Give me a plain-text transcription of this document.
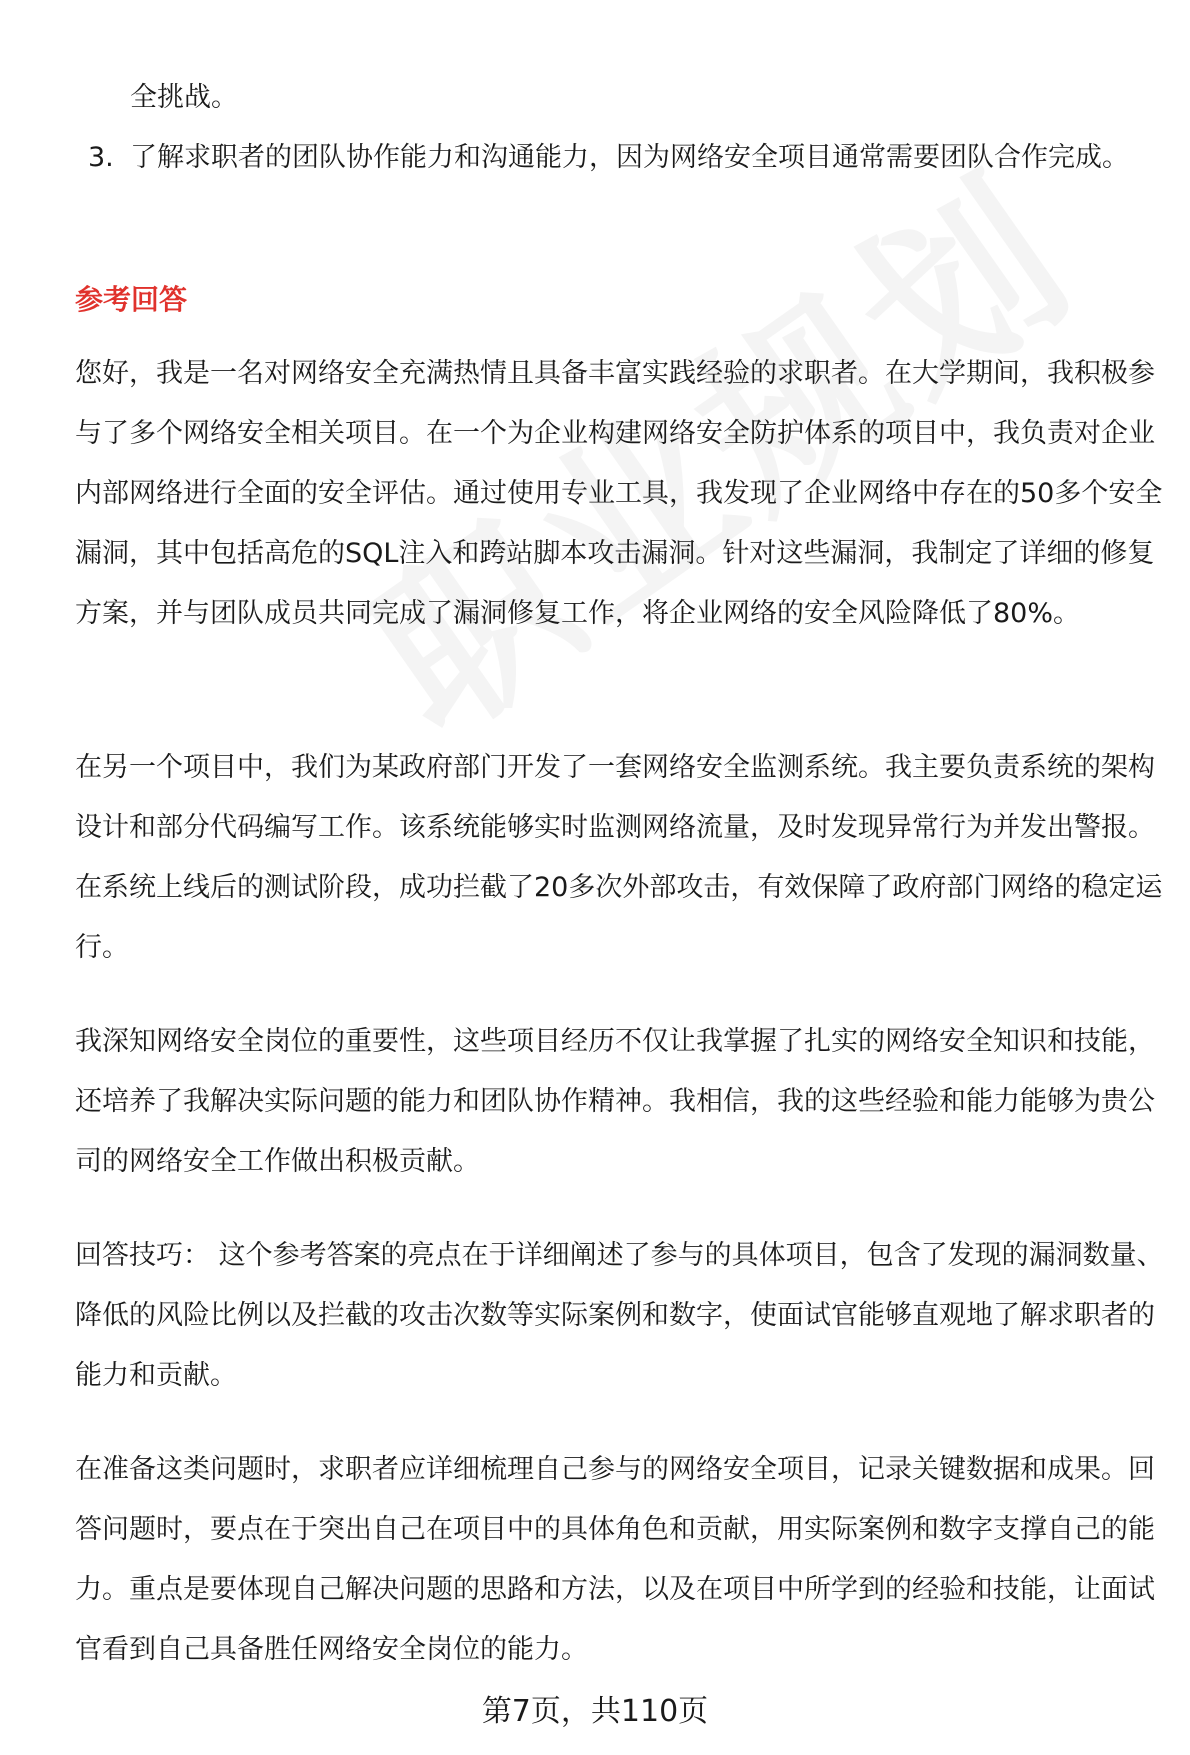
全挑战。
3. 了解求职者的团队协作能力和沟通能力，因为网络安全项目通常需要团队合作完成。
参考回答

您好，我是一名对网络安全充满热情且具备丰富实践经验的求职者。在大学期间，我积极参与了多个网络安全相关项目。在一个为企业构建网络安全防护体系的项目中，我负责对企业内部网络进行全面的安全评估。通过使用专业工具，我发现了企业网络中存在的50多个安全漏洞，其中包括高危的SQL注入和跨站脚本攻击漏洞。针对这些漏洞，我制定了详细的修复方案，并与团队成员共同完成了漏洞修复工作，将企业网络的安全风险降低了80%。

在另一个项目中，我们为某政府部门开发了一套网络安全监测系统。我主要负责系统的架构设计和部分代码编写工作。该系统能够实时监测网络流量，及时发现异常行为并发出警报。在系统上线后的测试阶段，成功拦截了20多次外部攻击，有效保障了政府部门网络的稳定运行。

我深知网络安全岗位的重要性，这些项目经历不仅让我掌握了扎实的网络安全知识和技能，还培养了我解决实际问题的能力和团队协作精神。我相信，我的这些经验和能力能够为贵公司的网络安全工作做出积极贡献。

回答技巧： 这个参考答案的亮点在于详细阐述了参与的具体项目，包含了发现的漏洞数量、降低的风险比例以及拦截的攻击次数等实际案例和数字，使面试官能够直观地了解求职者的能力和贡献。

在准备这类问题时，求职者应详细梳理自己参与的网络安全项目，记录关键数据和成果。回答问题时，要点在于突出自己在项目中的具体角色和贡献，用实际案例和数字支撑自己的能力。重点是要体现自己解决问题的思路和方法，以及在项目中所学到的经验和技能，让面试官看到自己具备胜任网络安全岗位的能力。

第7页，共110页
